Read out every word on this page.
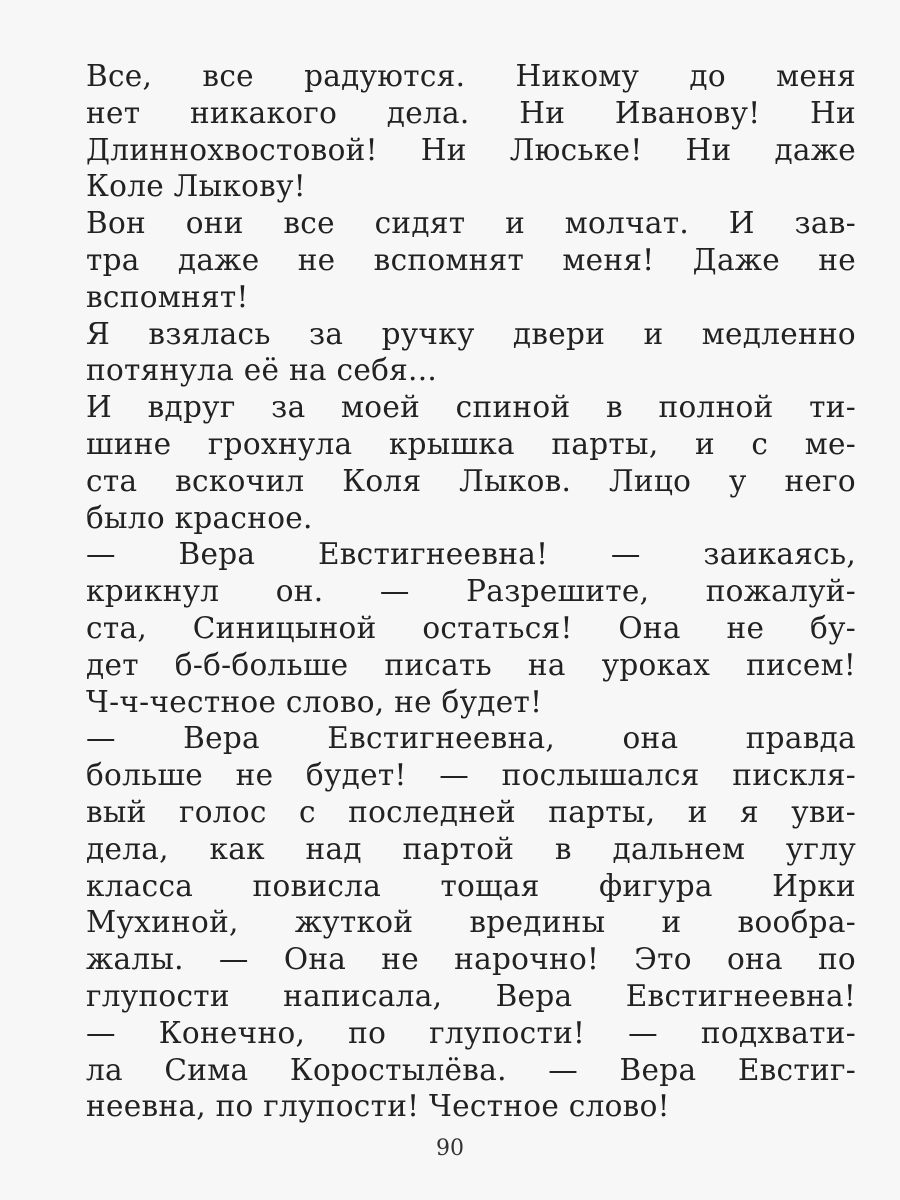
Все, все радуются. Никому до меня
нет никакого дела. Ни Иванову! Ни
Длиннохвостовой! Ни Люське! Ни даже
Коле Лыкову!
Вон они все сидят и молчат. И зав-
тра даже не вспомнят меня! Даже не
вспомнят!
Я взялась за ручку двери и медленно
потянула её на себя...
И вдруг за моей спиной в полной ти-
шине грохнула крышка парты, и с ме-
ста вскочил Коля Лыков. Лицо у него
было красное.
— Вера Евстигнеевна! — заикаясь,
крикнул он. — Разрешите, пожалуй-
ста, Синицыной остаться! Она не бу-
дет б-б-больше писать на уроках писем!
Ч-ч-честное слово, не будет!
— Вера Евстигнеевна, она правда
больше не будет! — послышался пискля-
вый голос с последней парты, и я уви-
дела, как над партой в дальнем углу
класса повисла тощая фигура Ирки
Мухиной, жуткой вредины и вообра-
жалы. — Она не нарочно! Это она по
глупости написала, Вера Евстигнеевна!
— Конечно, по глупости! — подхвати-
ла Сима Коростылёва. — Вера Евстиг-
неевна, по глупости! Честное слово!
90
